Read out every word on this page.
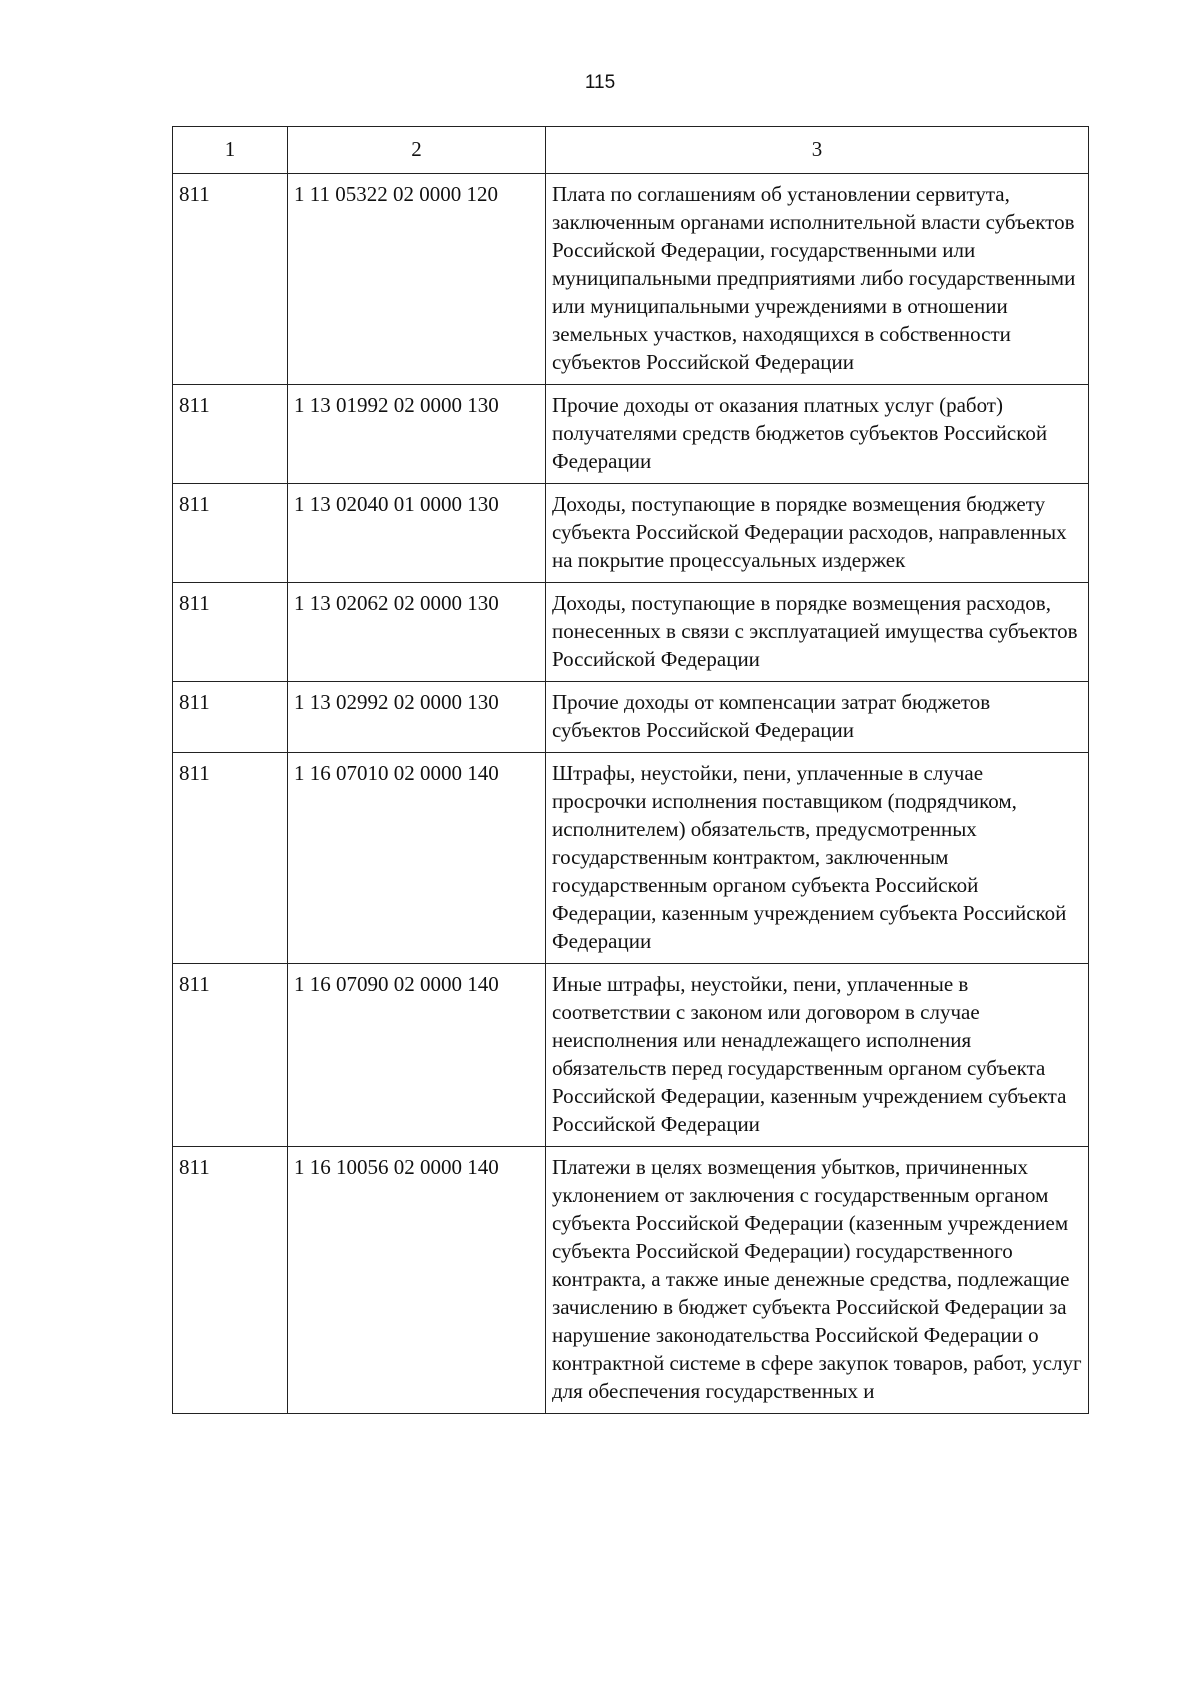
115
1	2	3
811	1 11 05322 02 0000 120	Плата по соглашениям об установлении сервитута, заключенным органами исполнительной власти субъектов Российской Федерации, государственными или муниципальными предприятиями либо государственными или муниципальными учреждениями в отношении земельных участков, находящихся в собственности субъектов Российской Федерации
811	1 13 01992 02 0000 130	Прочие доходы от оказания платных услуг (работ) получателями средств бюджетов субъектов Российской Федерации
811	1 13 02040 01 0000 130	Доходы, поступающие в порядке возмещения бюджету субъекта Российской Федерации расходов, направленных на покрытие процессуальных издержек
811	1 13 02062 02 0000 130	Доходы, поступающие в порядке возмещения расходов, понесенных в связи с эксплуатацией имущества субъектов Российской Федерации
811	1 13 02992 02 0000 130	Прочие доходы от компенсации затрат бюджетов субъектов Российской Федерации
811	1 16 07010 02 0000 140	Штрафы, неустойки, пени, уплаченные в случае просрочки исполнения поставщиком (подрядчиком, исполнителем) обязательств, предусмотренных государственным контрактом, заключенным государственным органом субъекта Российской Федерации, казенным учреждением субъекта Российской Федерации
811	1 16 07090 02 0000 140	Иные штрафы, неустойки, пени, уплаченные в соответствии с законом или договором в случае неисполнения или ненадлежащего исполнения обязательств перед государственным органом субъекта Российской Федерации, казенным учреждением субъекта Российской Федерации
811	1 16 10056 02 0000 140	Платежи в целях возмещения убытков, причиненных уклонением от заключения с государственным органом субъекта Российской Федерации (казенным учреждением субъекта Российской Федерации) государственного контракта, а также иные денежные средства, подлежащие зачислению в бюджет субъекта Российской Федерации за нарушение законодательства Российской Федерации о контрактной системе в сфере закупок товаров, работ, услуг для обеспечения государственных и
